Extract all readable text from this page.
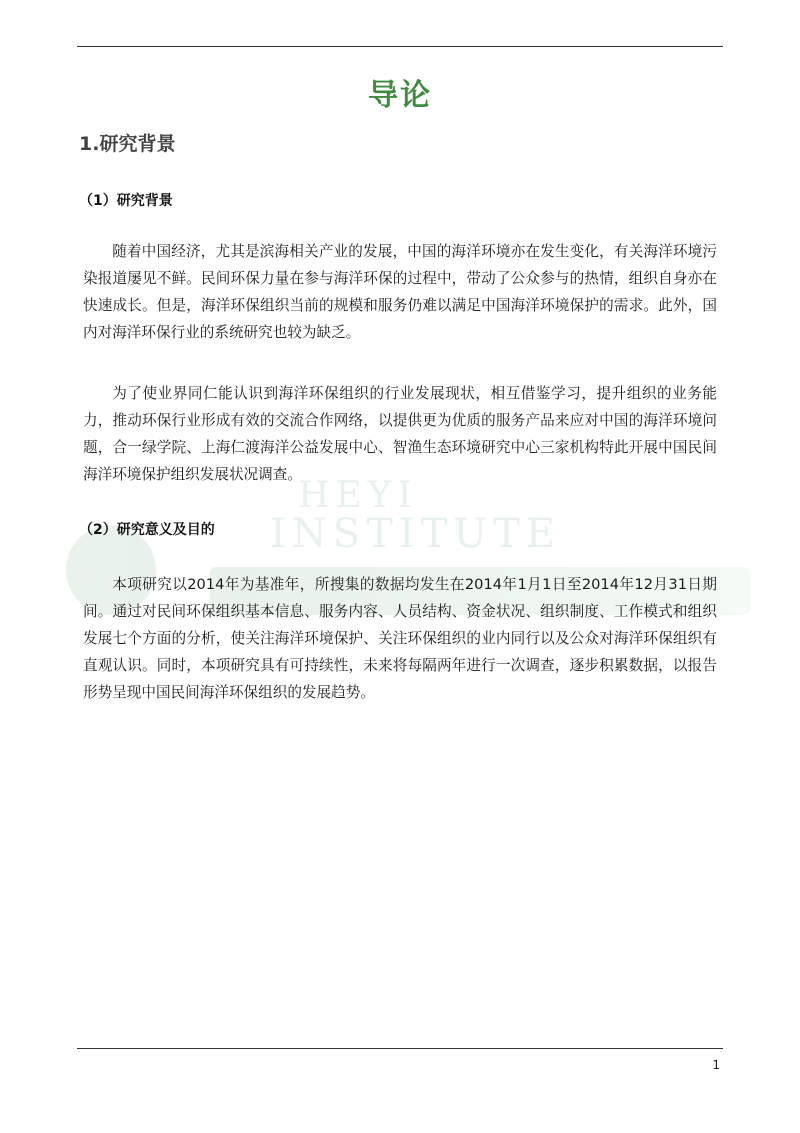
HEYI
INSTITUTE
导论
1.研究背景
（1）研究背景

随着中国经济，尤其是滨海相关产业的发展，中国的海洋环境亦在发生变化，有关海洋环境污染报道屡见不鲜。民间环保力量在参与海洋环保的过程中，带动了公众参与的热情，组织自身亦在快速成长。但是，海洋环保组织当前的规模和服务仍难以满足中国海洋环境保护的需求。此外，国内对海洋环保行业的系统研究也较为缺乏。

为了使业界同仁能认识到海洋环保组织的行业发展现状，相互借鉴学习，提升组织的业务能力，推动环保行业形成有效的交流合作网络，以提供更为优质的服务产品来应对中国的海洋环境问题，合一绿学院、上海仁渡海洋公益发展中心、智渔生态环境研究中心三家机构特此开展中国民间海洋环境保护组织发展状况调查。

（2）研究意义及目的

本项研究以2014年为基准年，所搜集的数据均发生在2014年1月1日至2014年12月31日期间。通过对民间环保组织基本信息、服务内容、人员结构、资金状况、组织制度、工作模式和组织发展七个方面的分析，使关注海洋环境保护、关注环保组织的业内同行以及公众对海洋环保组织有直观认识。同时，本项研究具有可持续性，未来将每隔两年进行一次调查，逐步积累数据，以报告形势呈现中国民间海洋环保组织的发展趋势。

1
